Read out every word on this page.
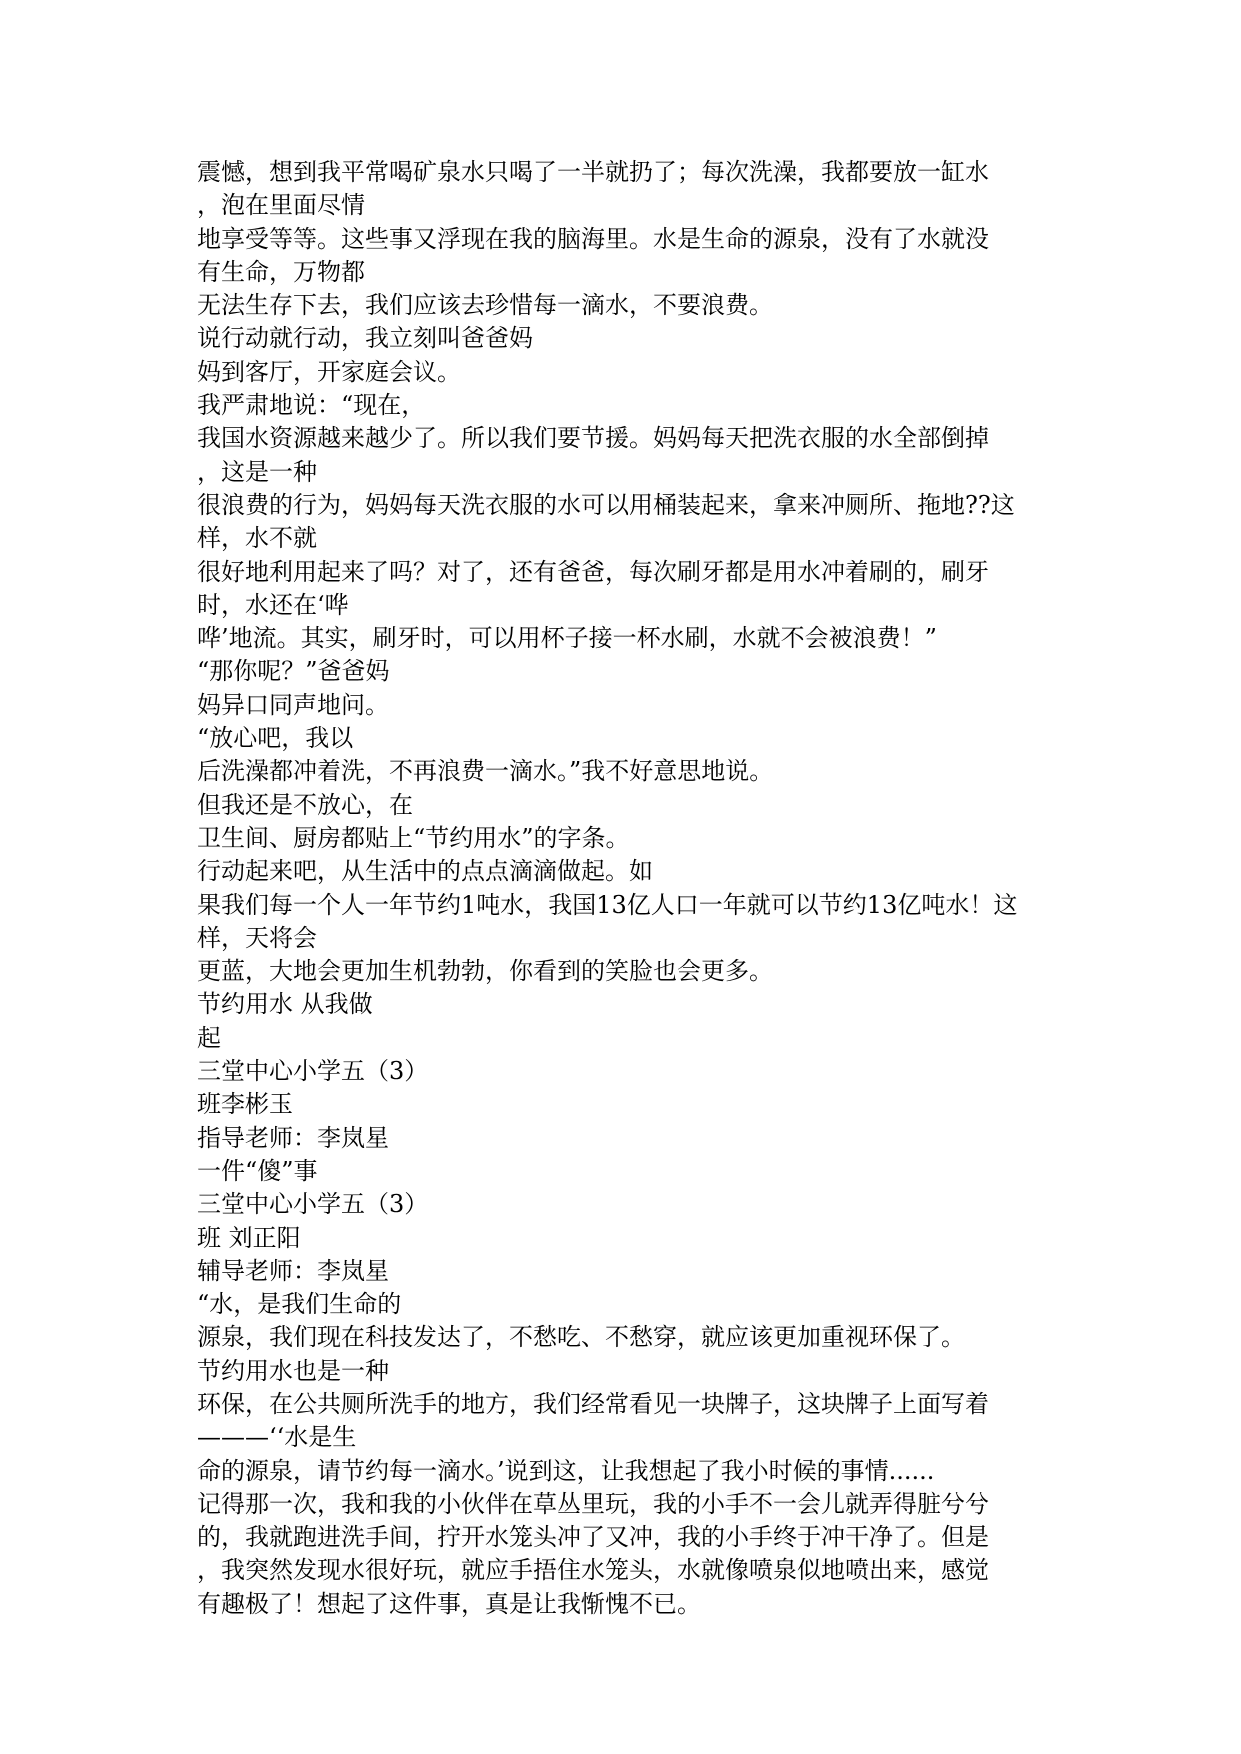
震憾，想到我平常喝矿泉水只喝了一半就扔了；每次洗澡，我都要放一缸水
，泡在里面尽情
地享受等等。这些事又浮现在我的脑海里。水是生命的源泉，没有了水就没
有生命，万物都
无法生存下去，我们应该去珍惜每一滴水，不要浪费。
说行动就行动，我立刻叫爸爸妈
妈到客厅，开家庭会议。
我严肃地说：“现在，
我国水资源越来越少了。所以我们要节援。妈妈每天把洗衣服的水全部倒掉
，这是一种
很浪费的行为，妈妈每天洗衣服的水可以用桶装起来，拿来冲厕所、拖地??这
样，水不就
很好地利用起来了吗？对了，还有爸爸，每次刷牙都是用水冲着刷的，刷牙
时，水还在‘哗
哗’地流。其实，刷牙时，可以用杯子接一杯水刷，水就不会被浪费！”
“那你呢？”爸爸妈
妈异口同声地问。
“放心吧，我以
后洗澡都冲着洗，不再浪费一滴水。”我不好意思地说。
但我还是不放心，在
卫生间、厨房都贴上“节约用水”的字条。
行动起来吧，从生活中的点点滴滴做起。如
果我们每一个人一年节约1吨水，我国13亿人口一年就可以节约13亿吨水！这
样，天将会
更蓝，大地会更加生机勃勃，你看到的笑脸也会更多。
节约用水 从我做
起
三堂中心小学五（3）
班李彬玉
指导老师：李岚星
一件“傻”事
三堂中心小学五（3）
班 刘正阳
辅导老师：李岚星
“水，是我们生命的
源泉，我们现在科技发达了，不愁吃、不愁穿，就应该更加重视环保了。
节约用水也是一种
环保，在公共厕所洗手的地方，我们经常看见一块牌子，这块牌子上面写着
———‘‘水是生
命的源泉，请节约每一滴水。’说到这，让我想起了我小时候的事情......
记得那一次，我和我的小伙伴在草丛里玩，我的小手不一会儿就弄得脏兮兮
的，我就跑进洗手间，拧开水笼头冲了又冲，我的小手终于冲干净了。但是
，我突然发现水很好玩，就应手捂住水笼头，水就像喷泉似地喷出来，感觉
有趣极了！想起了这件事，真是让我惭愧不已。
